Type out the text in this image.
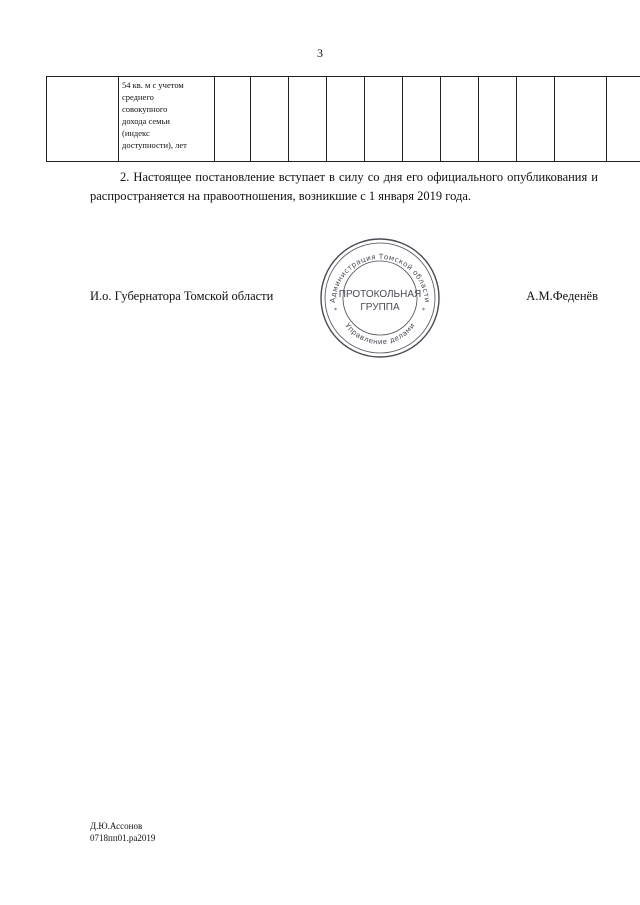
3

54 кв. м с учетом
среднего
совокупного
дохода семьи
(индекс
доступности), лет

2. Настоящее постановление вступает в силу со дня его официального опубликования и распространяется на правоотношения, возникшие с 1 января 2019 года.

И.о. Губернатора Томской области	А.М.Феденёв
Администрация Томской области
Управление делами
*	*
ПРОТОКОЛЬНАЯ
ГРУППА
Д.Ю.Ассонов
0718пп01.ра2019
